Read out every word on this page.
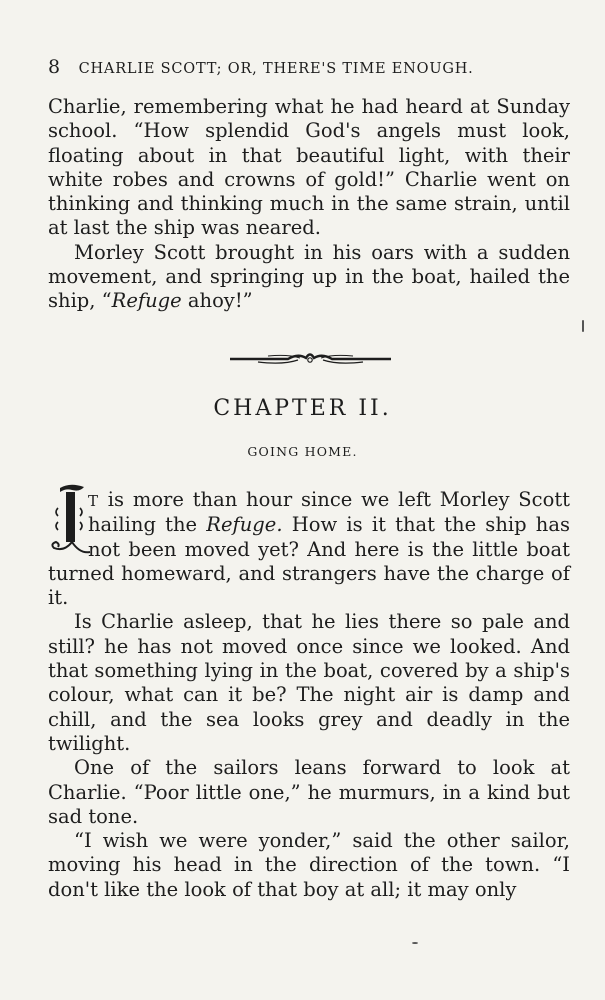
8 CHARLIE SCOTT; OR, THERE'S TIME ENOUGH.

Charlie, remembering what he had heard at Sunday school. “How splendid God's angels must look, floating about in that beautiful light, with their white robes and crowns of gold!” Charlie went on thinking and thinking much in the same strain, until at last the ship was neared.

Morley Scott brought in his oars with a sudden movement, and springing up in the boat, hailed the ship, “Refuge ahoy!”

CHAPTER II.
GOING HOME.

T is more than hour since we left Morley Scott hailing the Refuge. How is it that the ship has not been moved yet? And here is the little boat turned homeward, and strangers have the charge of it.

Is Charlie asleep, that he lies there so pale and still? he has not moved once since we looked. And that something lying in the boat, covered by a ship's colour, what can it be? The night air is damp and chill, and the sea looks grey and deadly in the twilight.

One of the sailors leans forward to look at Charlie. “Poor little one,” he murmurs, in a kind but sad tone.

“I wish we were yonder,” said the other sailor, moving his head in the direction of the town. “I don't like the look of that boy at all; it may only
